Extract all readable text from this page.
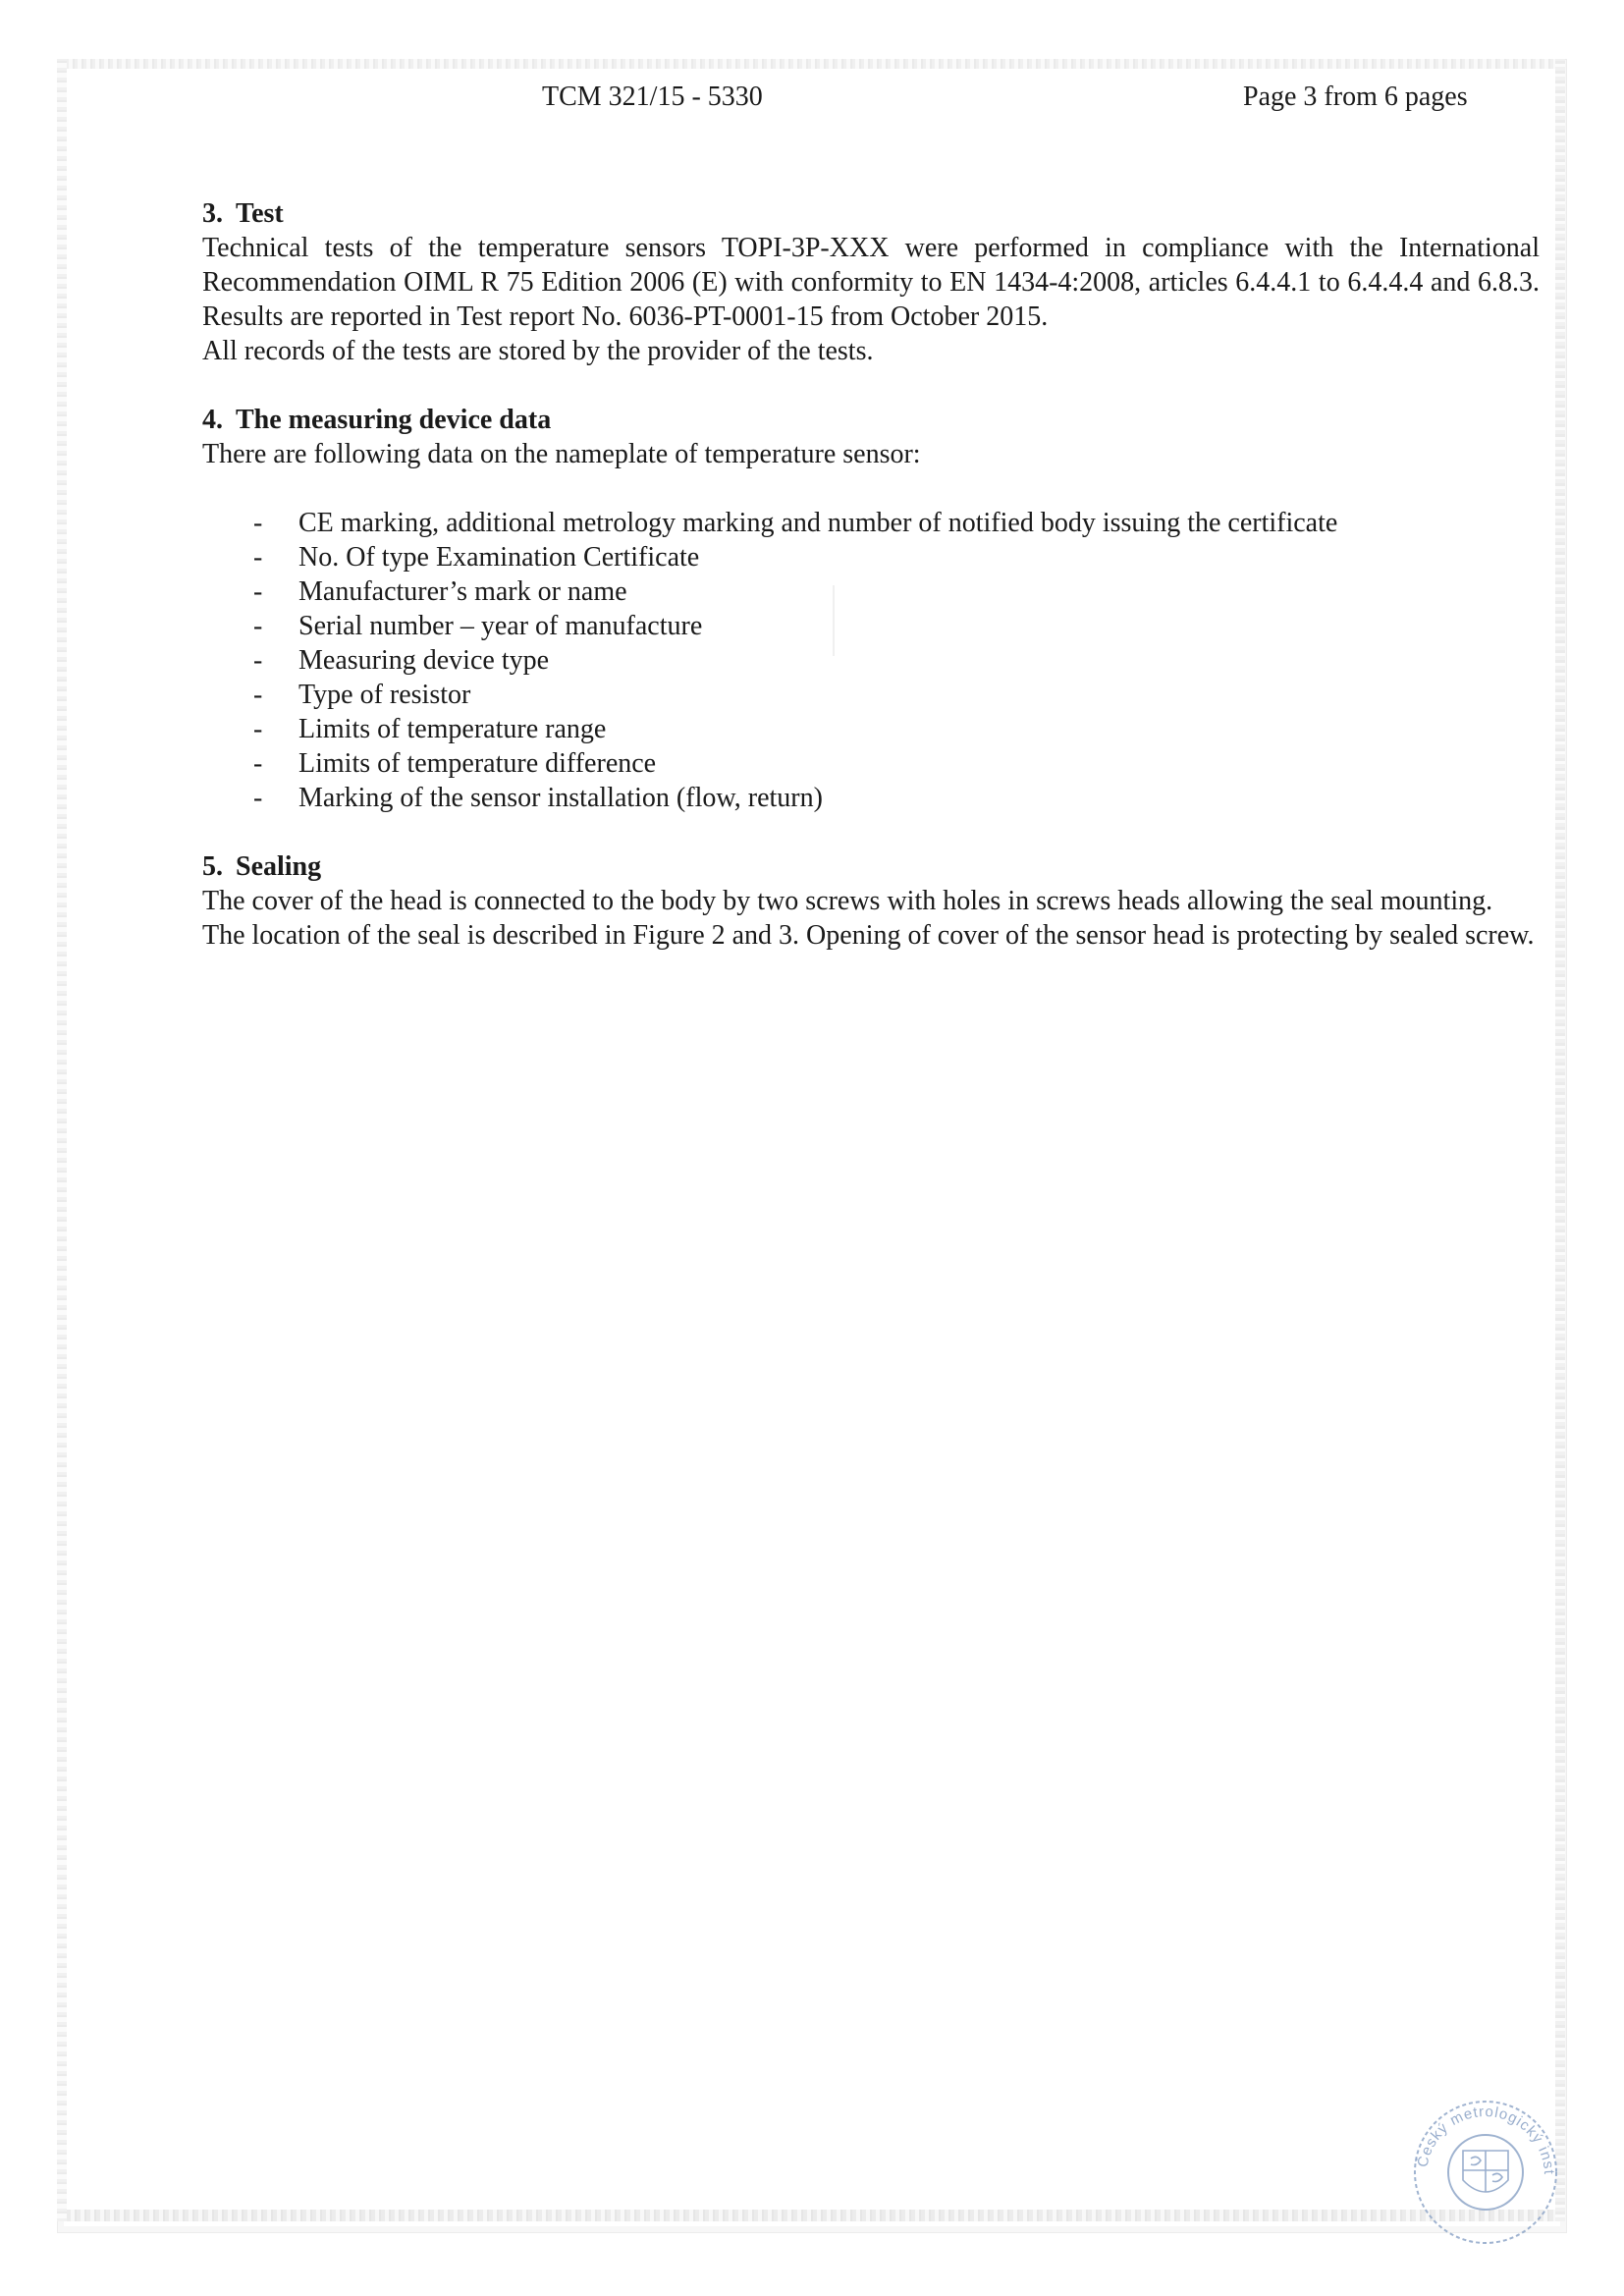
TCM 321/15 - 5330	Page 3 from 6 pages
3. Test
Technical tests of the temperature sensors TOPI-3P-XXX were performed in compliance with the International Recommendation OIML R 75 Edition 2006 (E) with conformity to EN 1434-4:2008, articles 6.4.4.1 to 6.4.4.4 and 6.8.3. Results are reported in Test report No. 6036-PT-0001-15 from October 2015.
All records of the tests are stored by the provider of the tests.
4. The measuring device data
There are following data on the nameplate of temperature sensor:
- CE marking, additional metrology marking and number of notified body issuing the certificate
- No. Of type Examination Certificate
- Manufacturer’s mark or name
- Serial number – year of manufacture
- Measuring device type
- Type of resistor
- Limits of temperature range
- Limits of temperature difference
- Marking of the sensor installation (flow, return)
5. Sealing
The cover of the head is connected to the body by two screws with holes in screws heads allowing the seal mounting.
The location of the seal is described in Figure 2 and 3. Opening of cover of the sensor head is protecting by sealed screw.
Český metrologický inst
